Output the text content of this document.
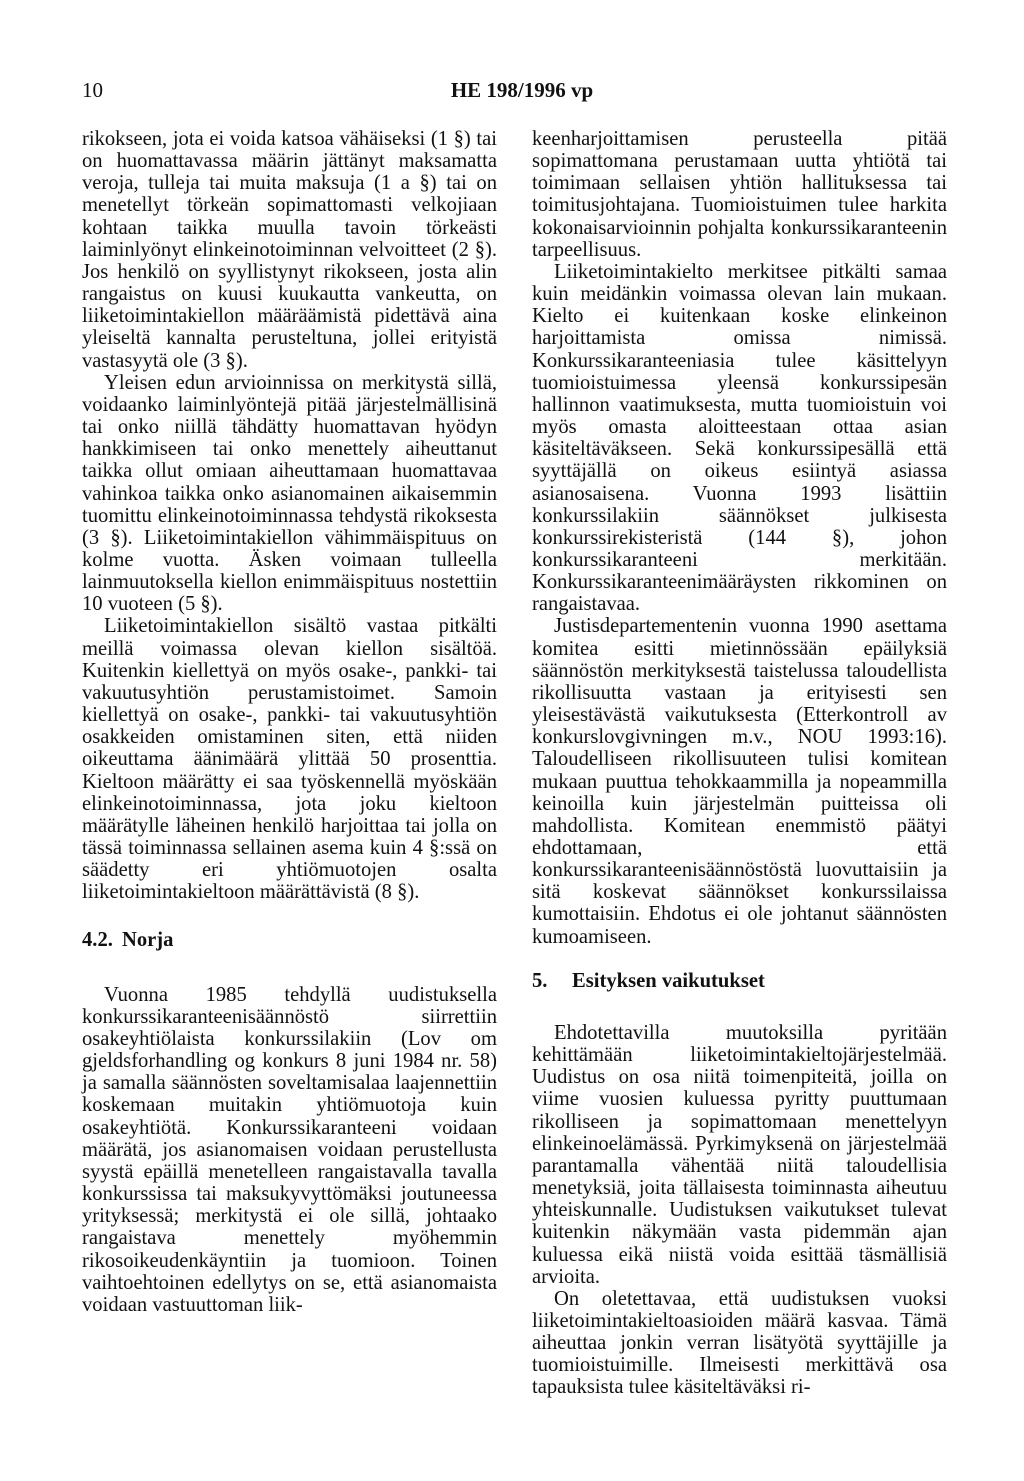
10	HE 198/1996 vp

rikokseen, jota ei voida katsoa vähäiseksi (1 §) tai on huomattavassa määrin jättänyt maksamatta veroja, tulleja tai muita maksuja (1 a §) tai on menetellyt törkeän sopimattomasti velkojiaan kohtaan taikka muulla tavoin törkeästi laiminlyönyt elinkeinotoiminnan velvoitteet (2 §). Jos henkilö on syyllistynyt rikokseen, josta alin rangaistus on kuusi kuukautta vankeutta, on liiketoimintakiellon määräämistä pidettävä aina yleiseltä kannalta perusteltuna, jollei erityistä vastasyytä ole (3 §).

Yleisen edun arvioinnissa on merkitystä sillä, voidaanko laiminlyöntejä pitää järjestelmällisinä tai onko niillä tähdätty huomattavan hyödyn hankkimiseen tai onko menettely aiheuttanut taikka ollut omiaan aiheuttamaan huomattavaa vahinkoa taikka onko asianomainen aikaisemmin tuomittu elinkeinotoiminnassa tehdystä rikoksesta (3 §). Liiketoimintakiellon vähimmäispituus on kolme vuotta. Äsken voimaan tulleella lainmuutoksella kiellon enimmäispituus nostettiin 10 vuoteen (5 §).

Liiketoimintakiellon sisältö vastaa pitkälti meillä voimassa olevan kiellon sisältöä. Kuitenkin kiellettyä on myös osake-, pankki- tai vakuutusyhtiön perustamistoimet. Samoin kiellettyä on osake-, pankki- tai vakuutusyhtiön osakkeiden omistaminen siten, että niiden oikeuttama äänimäärä ylittää 50 prosenttia. Kieltoon määrätty ei saa työskennellä myöskään elinkeinotoiminnassa, jota joku kieltoon määrätylle läheinen henkilö harjoittaa tai jolla on tässä toiminnassa sellainen asema kuin 4 §:ssä on säädetty eri yhtiömuotojen osalta liiketoimintakieltoon määrättävistä (8 §).

4.2. Norja

Vuonna 1985 tehdyllä uudistuksella konkurssikaranteenisäännöstö siirrettiin osakeyhtiölaista konkurssilakiin (Lov om gjeldsforhandling og konkurs 8 juni 1984 nr. 58) ja samalla säännösten soveltamisalaa laajennettiin koskemaan muitakin yhtiömuotoja kuin osakeyhtiötä. Konkurssikaranteeni voidaan määrätä, jos asianomaisen voidaan perustellusta syystä epäillä menetelleen rangaistavalla tavalla konkurssissa tai maksukyvyttömäksi joutuneessa yrityksessä; merkitystä ei ole sillä, johtaako rangaistava menettely myöhemmin rikosoikeudenkäyntiin ja tuomioon. Toinen vaihtoehtoinen edellytys on se, että asianomaista voidaan vastuuttoman liik-

keenharjoittamisen perusteella pitää sopimattomana perustamaan uutta yhtiötä tai toimimaan sellaisen yhtiön hallituksessa tai toimitusjohtajana. Tuomioistuimen tulee harkita kokonaisarvioinnin pohjalta konkurssikaranteenin tarpeellisuus.

Liiketoimintakielto merkitsee pitkälti samaa kuin meidänkin voimassa olevan lain mukaan. Kielto ei kuitenkaan koske elinkeinon harjoittamista omissa nimissä. Konkurssikaranteeniasia tulee käsittelyyn tuomioistuimessa yleensä konkurssipesän hallinnon vaatimuksesta, mutta tuomioistuin voi myös omasta aloitteestaan ottaa asian käsiteltäväkseen. Sekä konkurssipesällä että syyttäjällä on oikeus esiintyä asiassa asianosaisena. Vuonna 1993 lisättiin konkurssilakiin säännökset julkisesta konkurssirekisteristä (144 §), johon konkurssikaranteeni merkitään. Konkurssikaranteenimääräysten rikkominen on rangaistavaa.

Justisdepartementenin vuonna 1990 asettama komitea esitti mietinnössään epäilyksiä säännöstön merkityksestä taistelussa taloudellista rikollisuutta vastaan ja erityisesti sen yleisestävästä vaikutuksesta (Etterkontroll av konkurslovgivningen m.v., NOU 1993:16). Taloudelliseen rikollisuuteen tulisi komitean mukaan puuttua tehokkaammilla ja nopeammilla keinoilla kuin järjestelmän puitteissa oli mahdollista. Komitean enemmistö päätyi ehdottamaan, että konkurssikaranteenisäännöstöstä luovuttaisiin ja sitä koskevat säännökset konkurssilaissa kumottaisiin. Ehdotus ei ole johtanut säännösten kumoamiseen.

5. Esityksen vaikutukset

Ehdotettavilla muutoksilla pyritään kehittämään liiketoimintakieltojärjestelmää. Uudistus on osa niitä toimenpiteitä, joilla on viime vuosien kuluessa pyritty puuttumaan rikolliseen ja sopimattomaan menettelyyn elinkeinoelämässä. Pyrkimyksenä on järjestelmää parantamalla vähentää niitä taloudellisia menetyksiä, joita tällaisesta toiminnasta aiheutuu yhteiskunnalle. Uudistuksen vaikutukset tulevat kuitenkin näkymään vasta pidemmän ajan kuluessa eikä niistä voida esittää täsmällisiä arvioita.

On oletettavaa, että uudistuksen vuoksi liiketoimintakieltoasioiden määrä kasvaa. Tämä aiheuttaa jonkin verran lisätyötä syyttäjille ja tuomioistuimille. Ilmeisesti merkittävä osa tapauksista tulee käsiteltäväksi ri-
